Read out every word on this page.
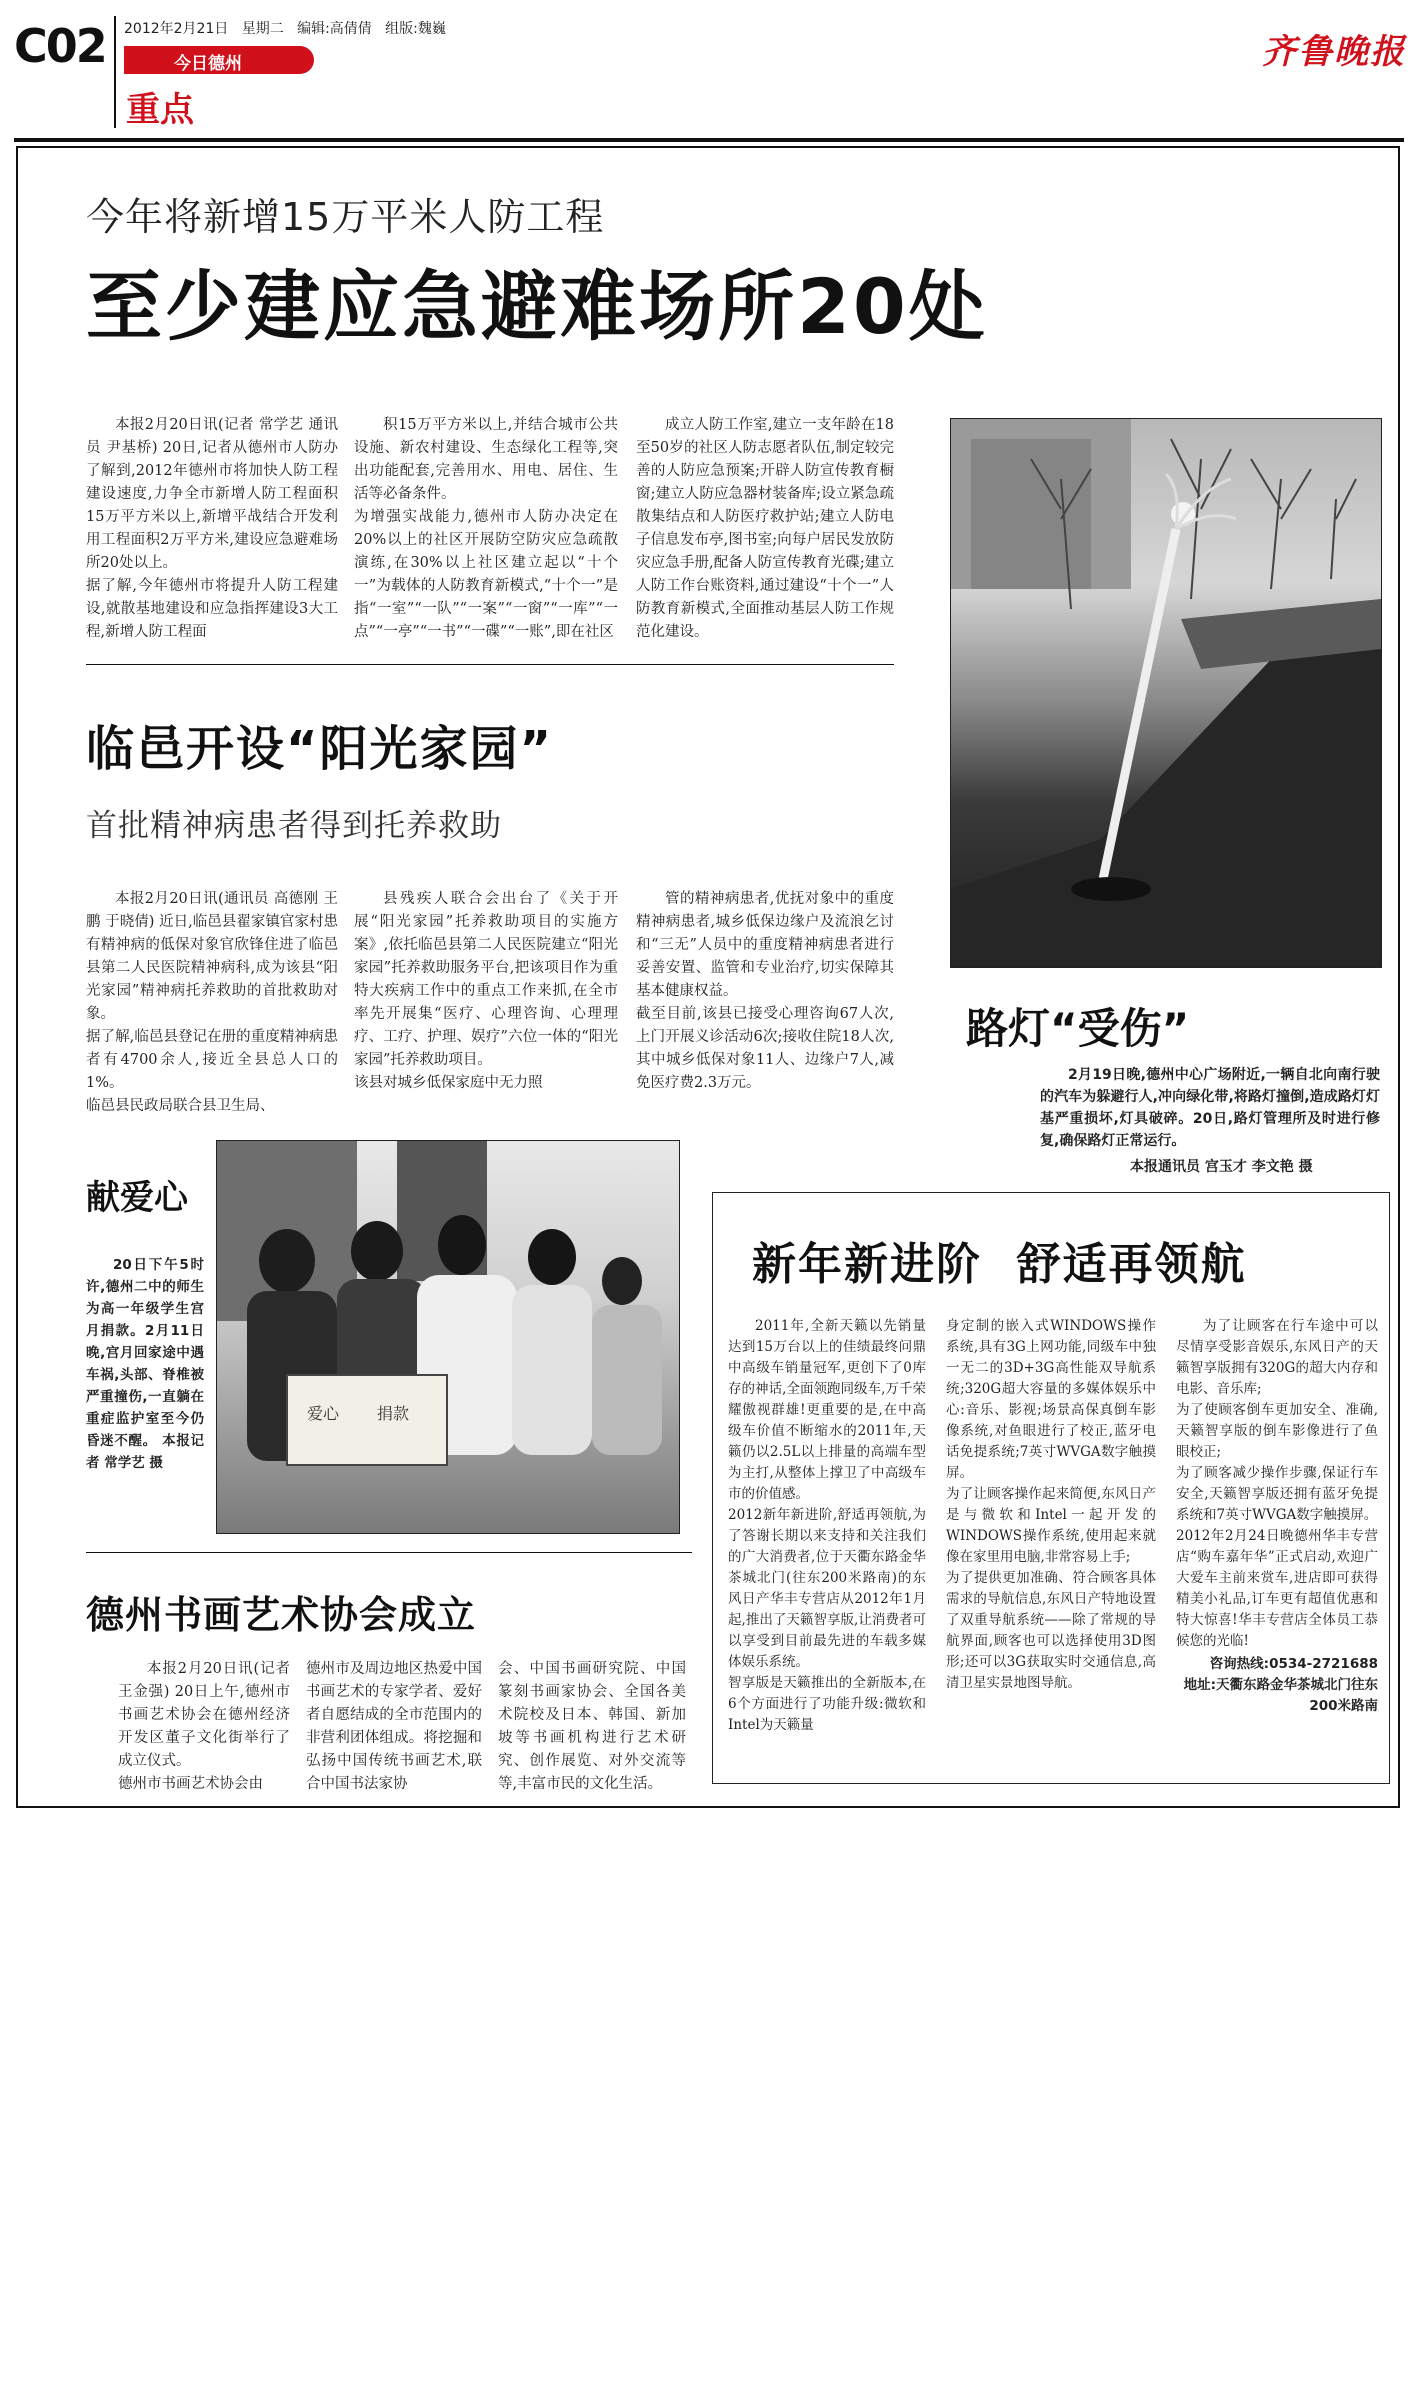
C02 2012年2月21日 星期二 编辑:高倩倩 组版:魏巍
今日德州
重点
齐鲁晚报
今年将新增15万平米人防工程
至少建应急避难场所20处

本报2月20日讯(记者 常学艺 通讯员 尹基桥) 20日,记者从德州市人防办了解到,2012年德州市将加快人防工程建设速度,力争全市新增人防工程面积15万平方米以上,新增平战结合开发利用工程面积2万平方米,建设应急避难场所20处以上。
据了解,今年德州市将提升人防工程建设,就散基地建设和应急指挥建设3大工程,新增人防工程面

积15万平方米以上,并结合城市公共设施、新农村建设、生态绿化工程等,突出功能配套,完善用水、用电、居住、生活等必备条件。
为增强实战能力,德州市人防办决定在20%以上的社区开展防空防灾应急疏散演练,在30%以上社区建立起以“十个一”为载体的人防教育新模式,“十个一”是指“一室”“一队”“一案”“一窗”“一库”“一点”“一亭”“一书”“一碟”“一账”,即在社区

成立人防工作室,建立一支年龄在18至50岁的社区人防志愿者队伍,制定较完善的人防应急预案;开辟人防宣传教育橱窗;建立人防应急器材装备库;设立紧急疏散集结点和人防医疗救护站;建立人防电子信息发布亭,图书室;向每户居民发放防灾应急手册,配备人防宣传教育光碟;建立人防工作台账资料,通过建设“十个一”人防教育新模式,全面推动基层人防工作规范化建设。

路灯“受伤”

2月19日晚,德州中心广场附近,一辆自北向南行驶的汽车为躲避行人,冲向绿化带,将路灯撞倒,造成路灯灯基严重损坏,灯具破碎。20日,路灯管理所及时进行修复,确保路灯正常运行。

本报通讯员 宫玉才 李文艳 摄
临邑开设“阳光家园”
首批精神病患者得到托养救助

本报2月20日讯(通讯员 高德刚 王鹏 于晓倩) 近日,临邑县翟家镇官家村患有精神病的低保对象官欣锋住进了临邑县第二人民医院精神病科,成为该县“阳光家园”精神病托养救助的首批救助对象。
据了解,临邑县登记在册的重度精神病患者有4700余人,接近全县总人口的1%。
临邑县民政局联合县卫生局、

县残疾人联合会出台了《关于开展“阳光家园”托养救助项目的实施方案》,依托临邑县第二人民医院建立“阳光家园”托养救助服务平台,把该项目作为重特大疾病工作中的重点工作来抓,在全市率先开展集“医疗、心理咨询、心理理疗、工疗、护理、娱疗”六位一体的“阳光家园”托养救助项目。
该县对城乡低保家庭中无力照

管的精神病患者,优抚对象中的重度精神病患者,城乡低保边缘户及流浪乞讨和“三无”人员中的重度精神病患者进行妥善安置、监管和专业治疗,切实保障其基本健康权益。
截至目前,该县已接受心理咨询67人次,上门开展义诊活动6次;接收住院18人次,其中城乡低保对象11人、边缘户7人,减免医疗费2.3万元。

献爱心

20日下午5时许,德州二中的师生为高一年级学生宫月捐款。2月11日晚,宫月回家途中遇车祸,头部、脊椎被严重撞伤,一直躺在重症监护室至今仍昏迷不醒。 本报记者 常学艺 摄

爱心 捐款
德州书画艺术协会成立

本报2月20日讯(记者 王金强) 20日上午,德州市书画艺术协会在德州经济开发区董子文化街举行了成立仪式。
德州市书画艺术协会由

德州市及周边地区热爱中国书画艺术的专家学者、爱好者自愿结成的全市范围内的非营利团体组成。将挖掘和弘扬中国传统书画艺术,联合中国书法家协

会、中国书画研究院、中国篆刻书画家协会、全国各美术院校及日本、韩国、新加坡等书画机构进行艺术研究、创作展览、对外交流等等,丰富市民的文化生活。

新年新进阶  舒适再领航

2011年,全新天籁以先销量达到15万台以上的佳绩最终问鼎中高级车销量冠军,更创下了0库存的神话,全面领跑同级车,万千荣耀傲视群雄!更重要的是,在中高级车价值不断缩水的2011年,天籁仍以2.5L以上排量的高端车型为主打,从整体上撑卫了中高级车市的价值感。
2012新年新进阶,舒适再领航,为了答谢长期以来支持和关注我们的广大消费者,位于天衢东路金华茶城北门(往东200米路南)的东风日产华丰专营店从2012年1月起,推出了天籁智享版,让消费者可以享受到目前最先进的车载多媒体娱乐系统。
智享版是天籁推出的全新版本,在6个方面进行了功能升级:微软和Intel为天籁量

身定制的嵌入式WINDOWS操作系统,具有3G上网功能,同级车中独一无二的3D+3G高性能双导航系统;320G超大容量的多媒体娱乐中心:音乐、影视;场景高保真倒车影像系统,对鱼眼进行了校正,蓝牙电话免提系统;7英寸WVGA数字触摸屏。
为了让顾客操作起来简便,东风日产是与微软和Intel一起开发的WINDOWS操作系统,使用起来就像在家里用电脑,非常容易上手;
为了提供更加准确、符合顾客具体需求的导航信息,东风日产特地设置了双重导航系统——除了常规的导航界面,顾客也可以选择使用3D图形;还可以3G获取实时交通信息,高清卫星实景地图导航。

为了让顾客在行车途中可以尽情享受影音娱乐,东风日产的天籁智享版拥有320G的超大内存和电影、音乐库;
为了使顾客倒车更加安全、准确,天籁智享版的倒车影像进行了鱼眼校正;
为了顾客减少操作步骤,保证行车安全,天籁智享版还拥有蓝牙免提系统和7英寸WVGA数字触摸屏。
2012年2月24日晚德州华丰专营店“购车嘉年华”正式启动,欢迎广大爱车主前来赏车,进店即可获得精美小礼品,订车更有超值优惠和特大惊喜!华丰专营店全体员工恭候您的光临!

咨询热线:0534-2721688
地址:天衢东路金华茶城北门往东200米路南
